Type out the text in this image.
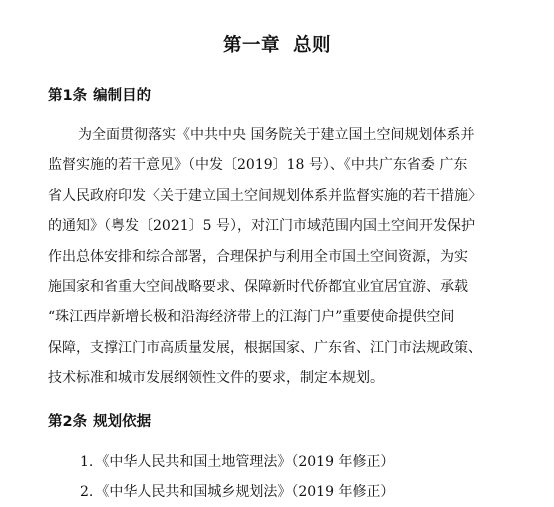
第一章 总则
第1条 编制目的
为全面贯彻落实《中共中央 国务院关于建立国土空间规划体系并
监督实施的若干意见》（中发〔2019〕18 号）、《中共广东省委 广东
省人民政府印发〈关于建立国土空间规划体系并监督实施的若干措施〉
的通知》（粤发〔2021〕5 号），对江门市域范围内国土空间开发保护
作出总体安排和综合部署，合理保护与利用全市国土空间资源，为实
施国家和省重大空间战略要求、保障新时代侨都宜业宜居宜游、承载
“珠江西岸新增长极和沿海经济带上的江海门户”重要使命提供空间
保障，支撑江门市高质量发展，根据国家、广东省、江门市法规政策、
技术标准和城市发展纲领性文件的要求，制定本规划。
第2条 规划依据
1. 《中华人民共和国土地管理法》（2019 年修正）
2. 《中华人民共和国城乡规划法》（2019 年修正）
